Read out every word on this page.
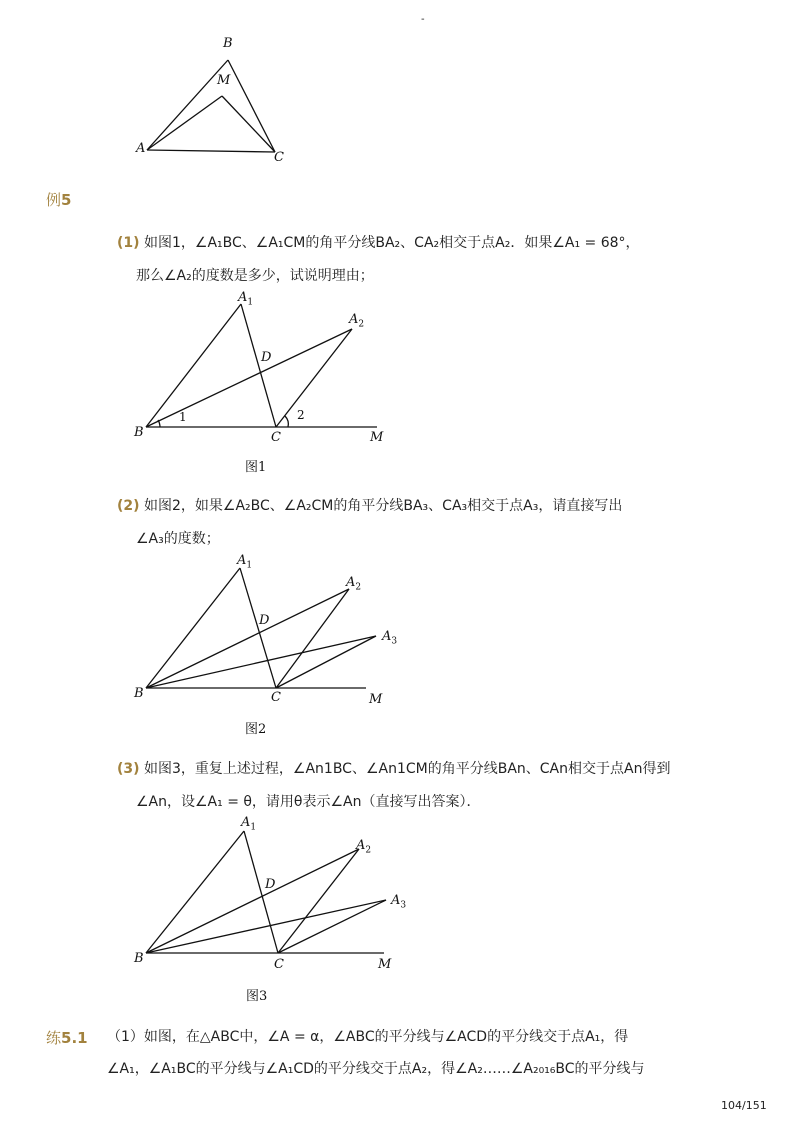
-
B
M
A
C
例5
(1) 如图1，∠A₁BC、∠A₁CM的角平分线BA₂、CA₂相交于点A₂．如果∠A₁ = 68°，
那么∠A₂的度数是多少，试说明理由；
$A_1$
$A_2$
D
B	C	M
1	2
图1
(2) 如图2，如果∠A₂BC、∠A₂CM的角平分线BA₃、CA₃相交于点A₃，请直接写出
∠A₃的度数；
$A_1$
$A_2$
$A_3$
D
B	C	M
图2
(3) 如图3，重复上述过程，∠An1BC、∠An1CM的角平分线BAn、CAn相交于点An得到
∠An，设∠A₁ = θ，请用θ表示∠An（直接写出答案）．
$A_1$
$A_2$
$A_3$
D
B	C	M
图3
练5.1 （1）如图，在△ABC中，∠A = α，∠ABC的平分线与∠ACD的平分线交于点A₁，得
∠A₁，∠A₁BC的平分线与∠A₁CD的平分线交于点A₂，得∠A₂……∠A₂₀₁₆BC的平分线与
104/151
